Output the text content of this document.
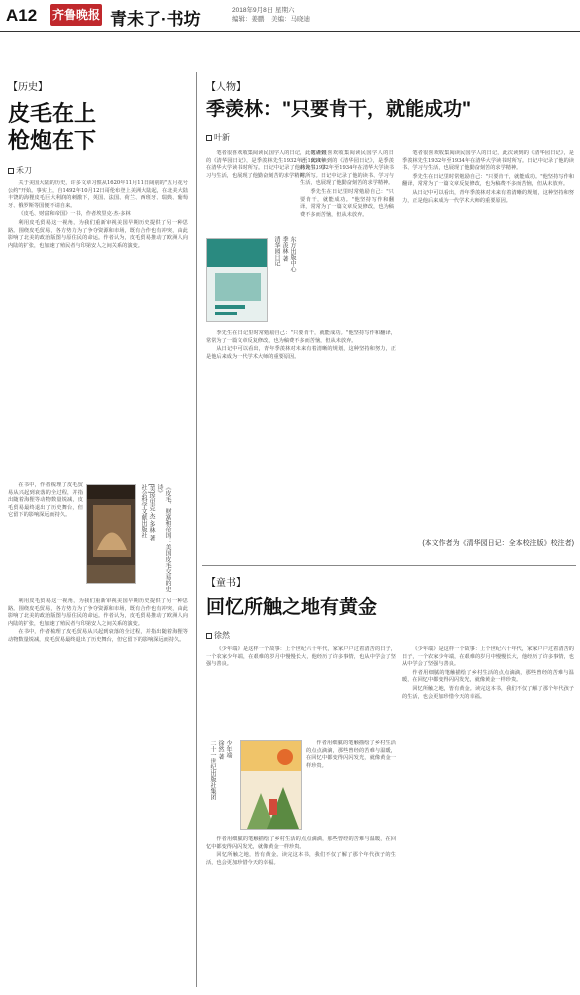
A12 齐鲁晚报 青未了·书坊	2018年9月8日 星期六
编辑：姜鹏　美编：马晓迪
【历史】
皮毛在上
枪炮在下
禾刀

关于美国大陆的历史，许多文章习惯从1620年11月11日阔别的"五月花号公约"开始。事实上，自1492年10月12日哥伦布登上美洲大陆起，在北美大陆丰饶的海狸皮毛巨大利润的刺激下，英国、法国、荷兰、西班牙、瑞典、葡萄牙、俄罗斯等国便不请自来。

《皮毛、财富和帝国》一书，作者埃里克·杰·多林

利用皮毛贸易这一视角，为我们重新审视美国早期历史提供了另一种思路。围绕皮毛贸易，各方势力为了争夺资源和市场，既有合作也有冲突，由此影响了北美的政治版图与原住民的命运。作者认为，皮毛贸易推动了欧洲人向内陆的扩张，也加速了殖民者与印第安人之间关系的演变。

在书中，作者梳理了皮毛贸易从兴起到衰落的全过程，并指出随着海狸等动物数量锐减，皮毛贸易最终退出了历史舞台，但它留下的影响深远而持久。	《皮毛、财富和帝国：美国皮毛交易的史诗》
[美]埃里克·杰·多林 著
社会科学文献出版社

利用皮毛贸易这一视角，为我们重新审视美国早期历史提供了另一种思路。围绕皮毛贸易，各方势力为了争夺资源和市场，既有合作也有冲突，由此影响了北美的政治版图与原住民的命运。作者认为，皮毛贸易推动了欧洲人向内陆的扩张，也加速了殖民者与印第安人之间关系的演变。

在书中，作者梳理了皮毛贸易从兴起到衰落的全过程，并指出随着海狸等动物数量锐减，皮毛贸易最终退出了历史舞台，但它留下的影响深远而持久。

【人物】
季羡林："只要肯干，就能成功"
叶新
东方出版中心
季羡林 著
清华园日记

笔者很喜欢收集阅读民国学人的日记，此次读到的《清华园日记》，是季羡林先生1932年至1934年在清华大学读书时所写。日记中记录了他的读书、学习与生活，也展现了他勤奋刻苦的求学精神。

笔者很喜欢收集阅读民国学人的日记，此次读到的《清华园日记》，是季羡林先生1932年至1934年在清华大学读书时所写。日记中记录了他的读书、学习与生活，也展现了他勤奋刻苦的求学精神。

季先生在日记里时常勉励自己："只要肯干，就能成功。"他坚持写作和翻译，常常为了一篇文章反复修改，也为稿费不多而苦恼，但从未放弃。

季先生在日记里时常勉励自己："只要肯干，就能成功。"他坚持写作和翻译，常常为了一篇文章反复修改，也为稿费不多而苦恼，但从未放弃。

从日记中可以看出，青年季羡林对未来有着清晰的规划，这种坚持和努力，正是他后来成为一代学术大师的重要原因。

笔者很喜欢收集阅读民国学人的日记，此次读到的《清华园日记》，是季羡林先生1932年至1934年在清华大学读书时所写。日记中记录了他的读书、学习与生活，也展现了他勤奋刻苦的求学精神。

季先生在日记里时常勉励自己："只要肯干，就能成功。"他坚持写作和翻译，常常为了一篇文章反复修改，也为稿费不多而苦恼，但从未放弃。

从日记中可以看出，青年季羡林对未来有着清晰的规划，这种坚持和努力，正是他后来成为一代学术大师的重要原因。

(本文作者为《清华园日记：全本校注版》校注者)
【童书】
回忆所触之地有黄金
徐然

《少年端》是这样一个故事：上个世纪六十年代，家家户户过着清苦的日子，一个农家少年端，在艰难的岁月中慢慢长大，他经历了许多事情，也从中学会了坚强与善良。

少年端
徐然 著
二十一世纪出版社集团	作者用细腻的笔触描绘了乡村生活的点点滴滴，那些曾经的苦难与温暖，在回忆中都变得闪闪发光，就像黄金一样珍贵。

作者用细腻的笔触描绘了乡村生活的点点滴滴，那些曾经的苦难与温暖，在回忆中都变得闪闪发光，就像黄金一样珍贵。

回忆所触之地，皆有黄金。读完这本书，我们不仅了解了那个年代孩子的生活，也会更加珍惜今天的幸福。

《少年端》是这样一个故事：上个世纪六十年代，家家户户过着清苦的日子，一个农家少年端，在艰难的岁月中慢慢长大，他经历了许多事情，也从中学会了坚强与善良。

作者用细腻的笔触描绘了乡村生活的点点滴滴，那些曾经的苦难与温暖，在回忆中都变得闪闪发光，就像黄金一样珍贵。

回忆所触之地，皆有黄金。读完这本书，我们不仅了解了那个年代孩子的生活，也会更加珍惜今天的幸福。
